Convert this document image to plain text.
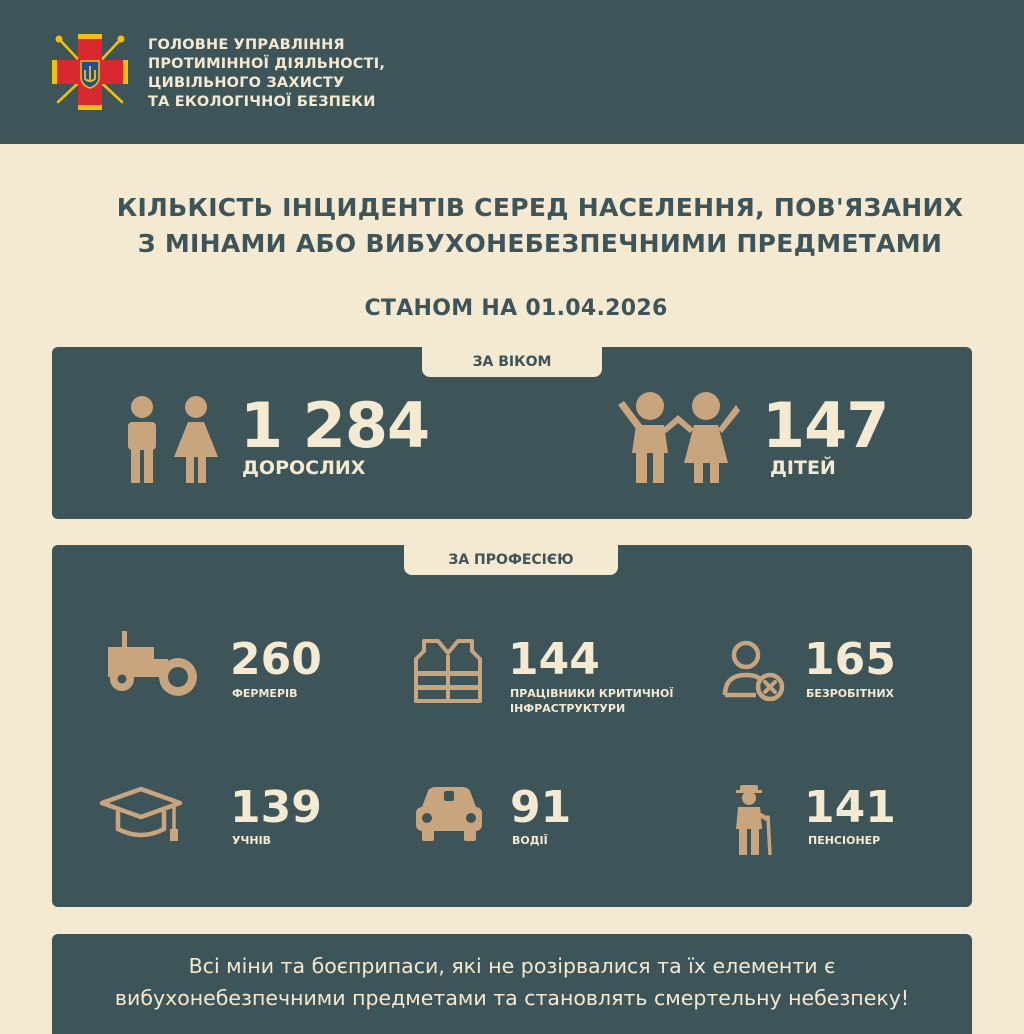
ГОЛОВНЕ УПРАВЛІННЯ
ПРОТИМІННОЇ ДІЯЛЬНОСТІ,
ЦИВІЛЬНОГО ЗАХИСТУ
ТА ЕКОЛОГІЧНОЇ БЕЗПЕКИ
КІЛЬКІСТЬ ІНЦИДЕНТІВ СЕРЕД НАСЕЛЕННЯ, ПОВ'ЯЗАНИХ
З МІНАМИ АБО ВИБУХОНЕБЕЗПЕЧНИМИ ПРЕДМЕТАМИ
СТАНОМ НА 01.04.2026
ЗА ВІКОМ
1 284
ДОРОСЛИХ
147
ДІТЕЙ
ЗА ПРОФЕСІЄЮ
260
ФЕРМЕРІВ
144
ПРАЦІВНИКИ КРИТИЧНОЇ
ІНФРАСТРУКТУРИ
165
БЕЗРОБІТНИХ
139
УЧНІВ
91
ВОДІЇ
141
ПЕНСІОНЕР
Всі міни та боєприпаси, які не розірвалися та їх елементи є
вибухонебезпечними предметами та становлять смертельну небезпеку!
